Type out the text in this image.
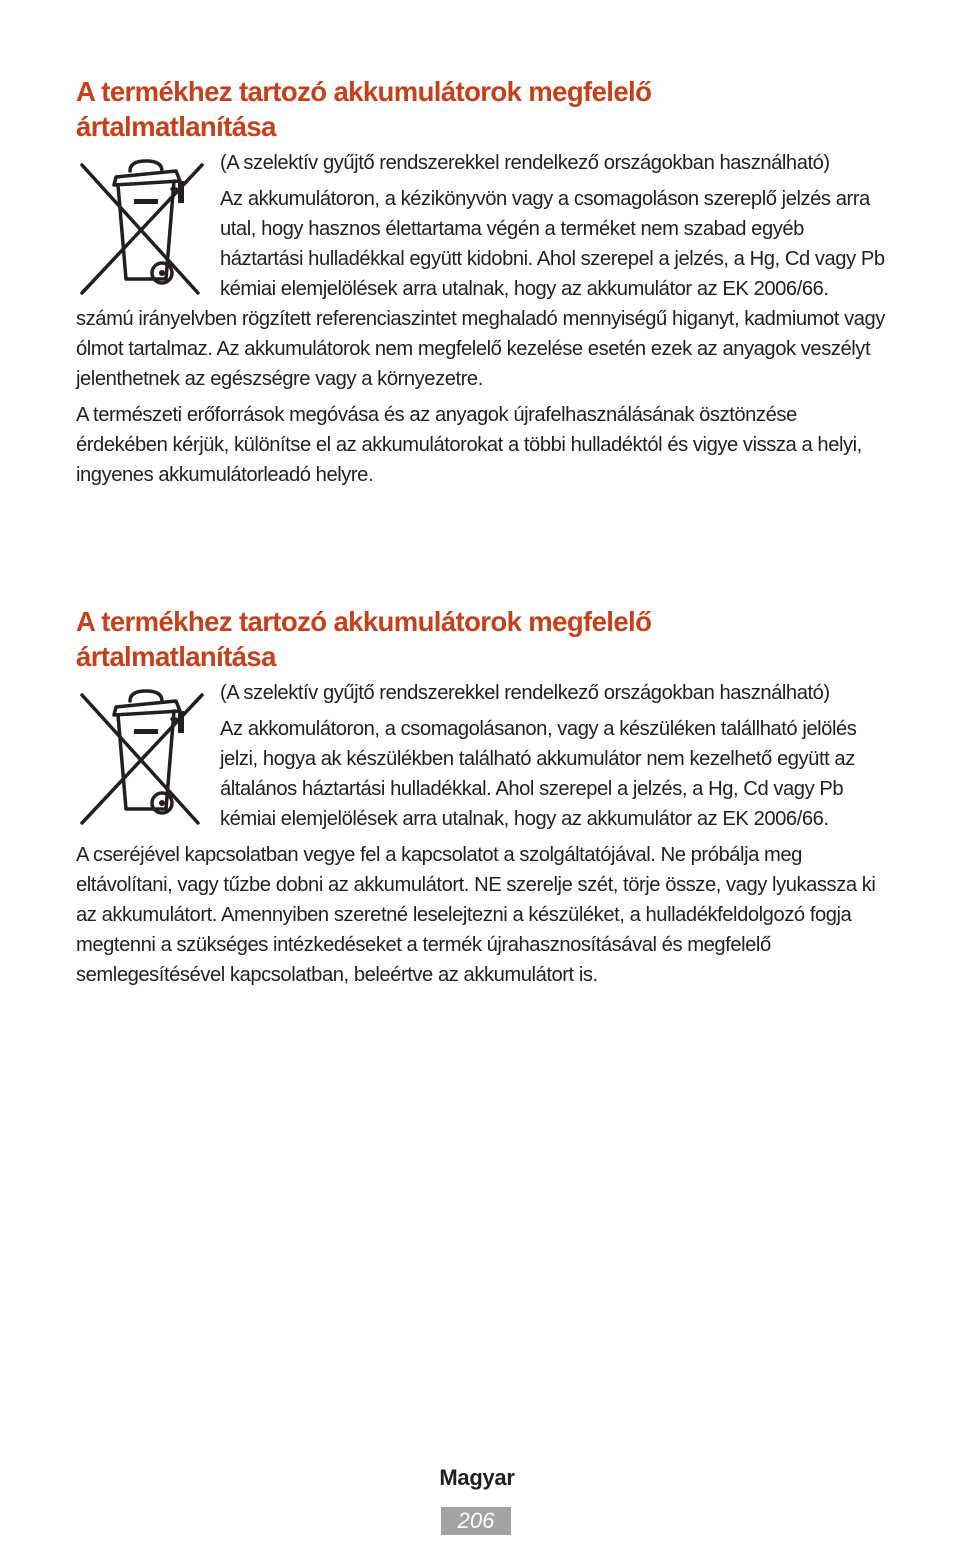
A termékhez tartozó akkumulátorok megfelelő
ártalmatlanítása

(A szelektív gyűjtő rendszerekkel rendelkező országokban használható)

Az akkumulátoron, a kézikönyvön vagy a csomagoláson szereplő jelzés arra utal, hogy hasznos élettartama végén a terméket nem szabad egyéb háztartási hulladékkal együtt kidobni. Ahol szerepel a jelzés, a Hg, Cd vagy Pb kémiai elemjelölések arra utalnak, hogy az akkumulátor az EK 2006/66. számú irányelvben rögzített referenciaszintet meghaladó mennyiségű higanyt, kadmiumot vagy ólmot tartalmaz. Az akkumulátorok nem megfelelő kezelése esetén ezek az anyagok veszélyt jelenthetnek az egészségre vagy a környezetre.

A természeti erőforrások megóvása és az anyagok újrafelhasználásának ösztönzése érdekében kérjük, különítse el az akkumulátorokat a többi hulladéktól és vigye vissza a helyi, ingyenes akkumulátorleadó helyre.

A termékhez tartozó akkumulátorok megfelelő
ártalmatlanítása

(A szelektív gyűjtő rendszerekkel rendelkező országokban használható)

Az akkomulátoron, a csomagolásanon, vagy a készüléken talállható jelölés jelzi, hogya ak készülékben található akkumulátor nem kezelhető együtt az általános háztartási hulladékkal. Ahol szerepel a jelzés, a Hg, Cd vagy Pb kémiai elemjelölések arra utalnak, hogy az akkumulátor az EK 2006/66.

A cseréjével kapcsolatban vegye fel a kapcsolatot a szolgáltatójával. Ne próbálja meg eltávolítani, vagy tűzbe dobni az akkumulátort. NE szerelje szét, törje össze, vagy lyukassza ki az akkumulátort. Amennyiben szeretné leselejtezni a készüléket, a hulladékfeldolgozó fogja megtenni a szükséges intézkedéseket a termék újrahasznosításával és megfelelő semlegesítésével kapcsolatban, beleértve az akkumulátort is.

Magyar
206
